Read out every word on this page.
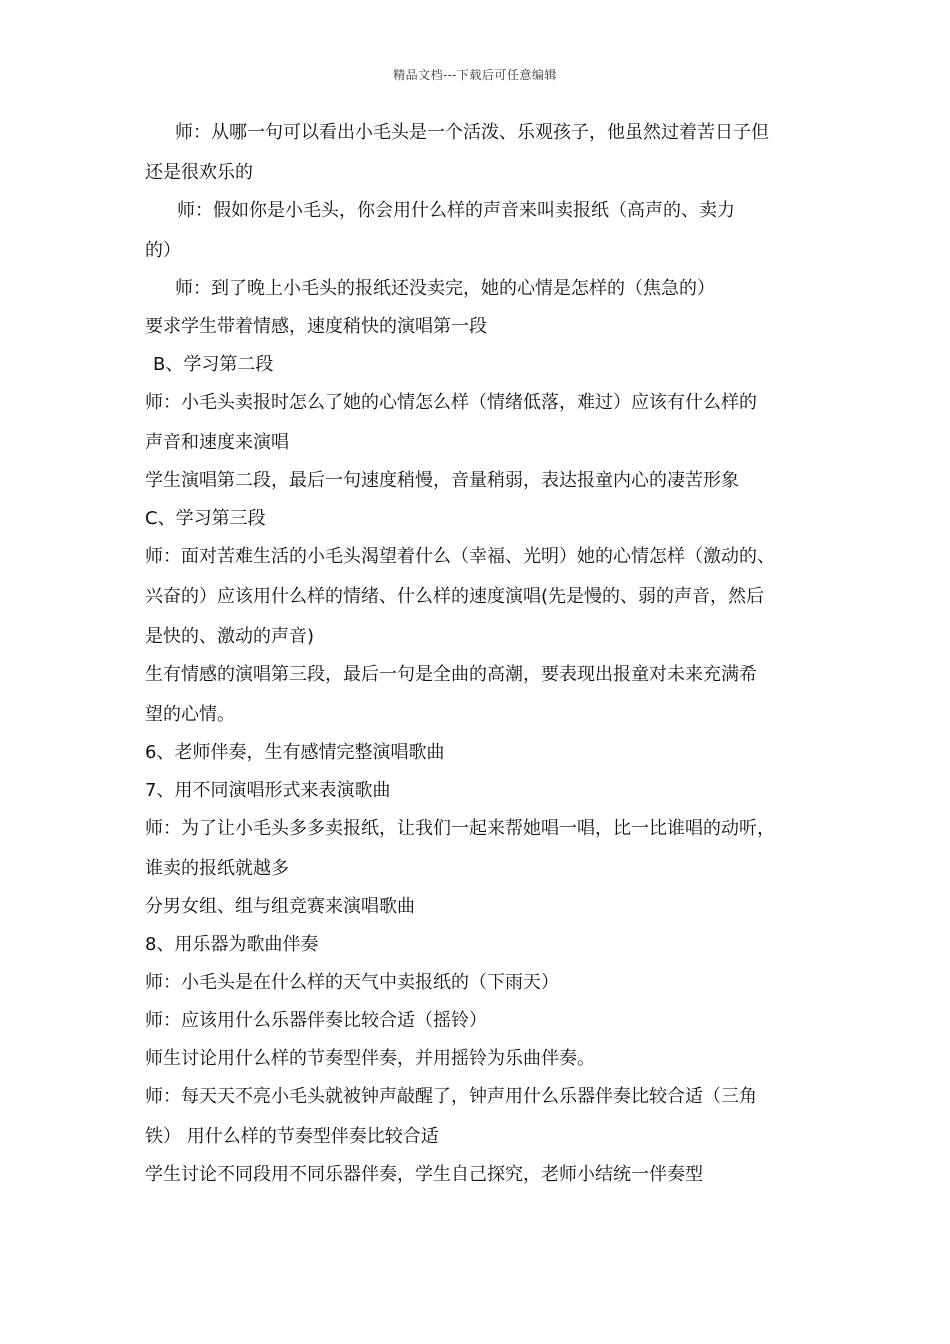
精品文档---下载后可任意编辑

师：从哪一句可以看出小毛头是一个活泼、乐观孩子，他虽然过着苦日子但

还是很欢乐的

师：假如你是小毛头，你会用什么样的声音来叫卖报纸（高声的、卖力

的）

师：到了晚上小毛头的报纸还没卖完，她的心情是怎样的（焦急的）

要求学生带着情感，速度稍快的演唱第一段

B、学习第二段

师：小毛头卖报时怎么了她的心情怎么样（情绪低落，难过）应该有什么样的

声音和速度来演唱

学生演唱第二段，最后一句速度稍慢，音量稍弱，表达报童内心的凄苦形象

C、学习第三段

师：面对苦难生活的小毛头渴望着什么（幸福、光明）她的心情怎样（激动的、

兴奋的）应该用什么样的情绪、什么样的速度演唱(先是慢的、弱的声音，然后

是快的、激动的声音)

生有情感的演唱第三段，最后一句是全曲的高潮，要表现出报童对未来充满希

望的心情。

6、老师伴奏，生有感情完整演唱歌曲

7、用不同演唱形式来表演歌曲

师：为了让小毛头多多卖报纸，让我们一起来帮她唱一唱，比一比谁唱的动听，

谁卖的报纸就越多

分男女组、组与组竞赛来演唱歌曲

8、用乐器为歌曲伴奏

师：小毛头是在什么样的天气中卖报纸的（下雨天）

师：应该用什么乐器伴奏比较合适（摇铃）

师生讨论用什么样的节奏型伴奏，并用摇铃为乐曲伴奏。

师：每天天不亮小毛头就被钟声敲醒了，钟声用什么乐器伴奏比较合适（三角

铁） 用什么样的节奏型伴奏比较合适

学生讨论不同段用不同乐器伴奏，学生自己探究，老师小结统一伴奏型
